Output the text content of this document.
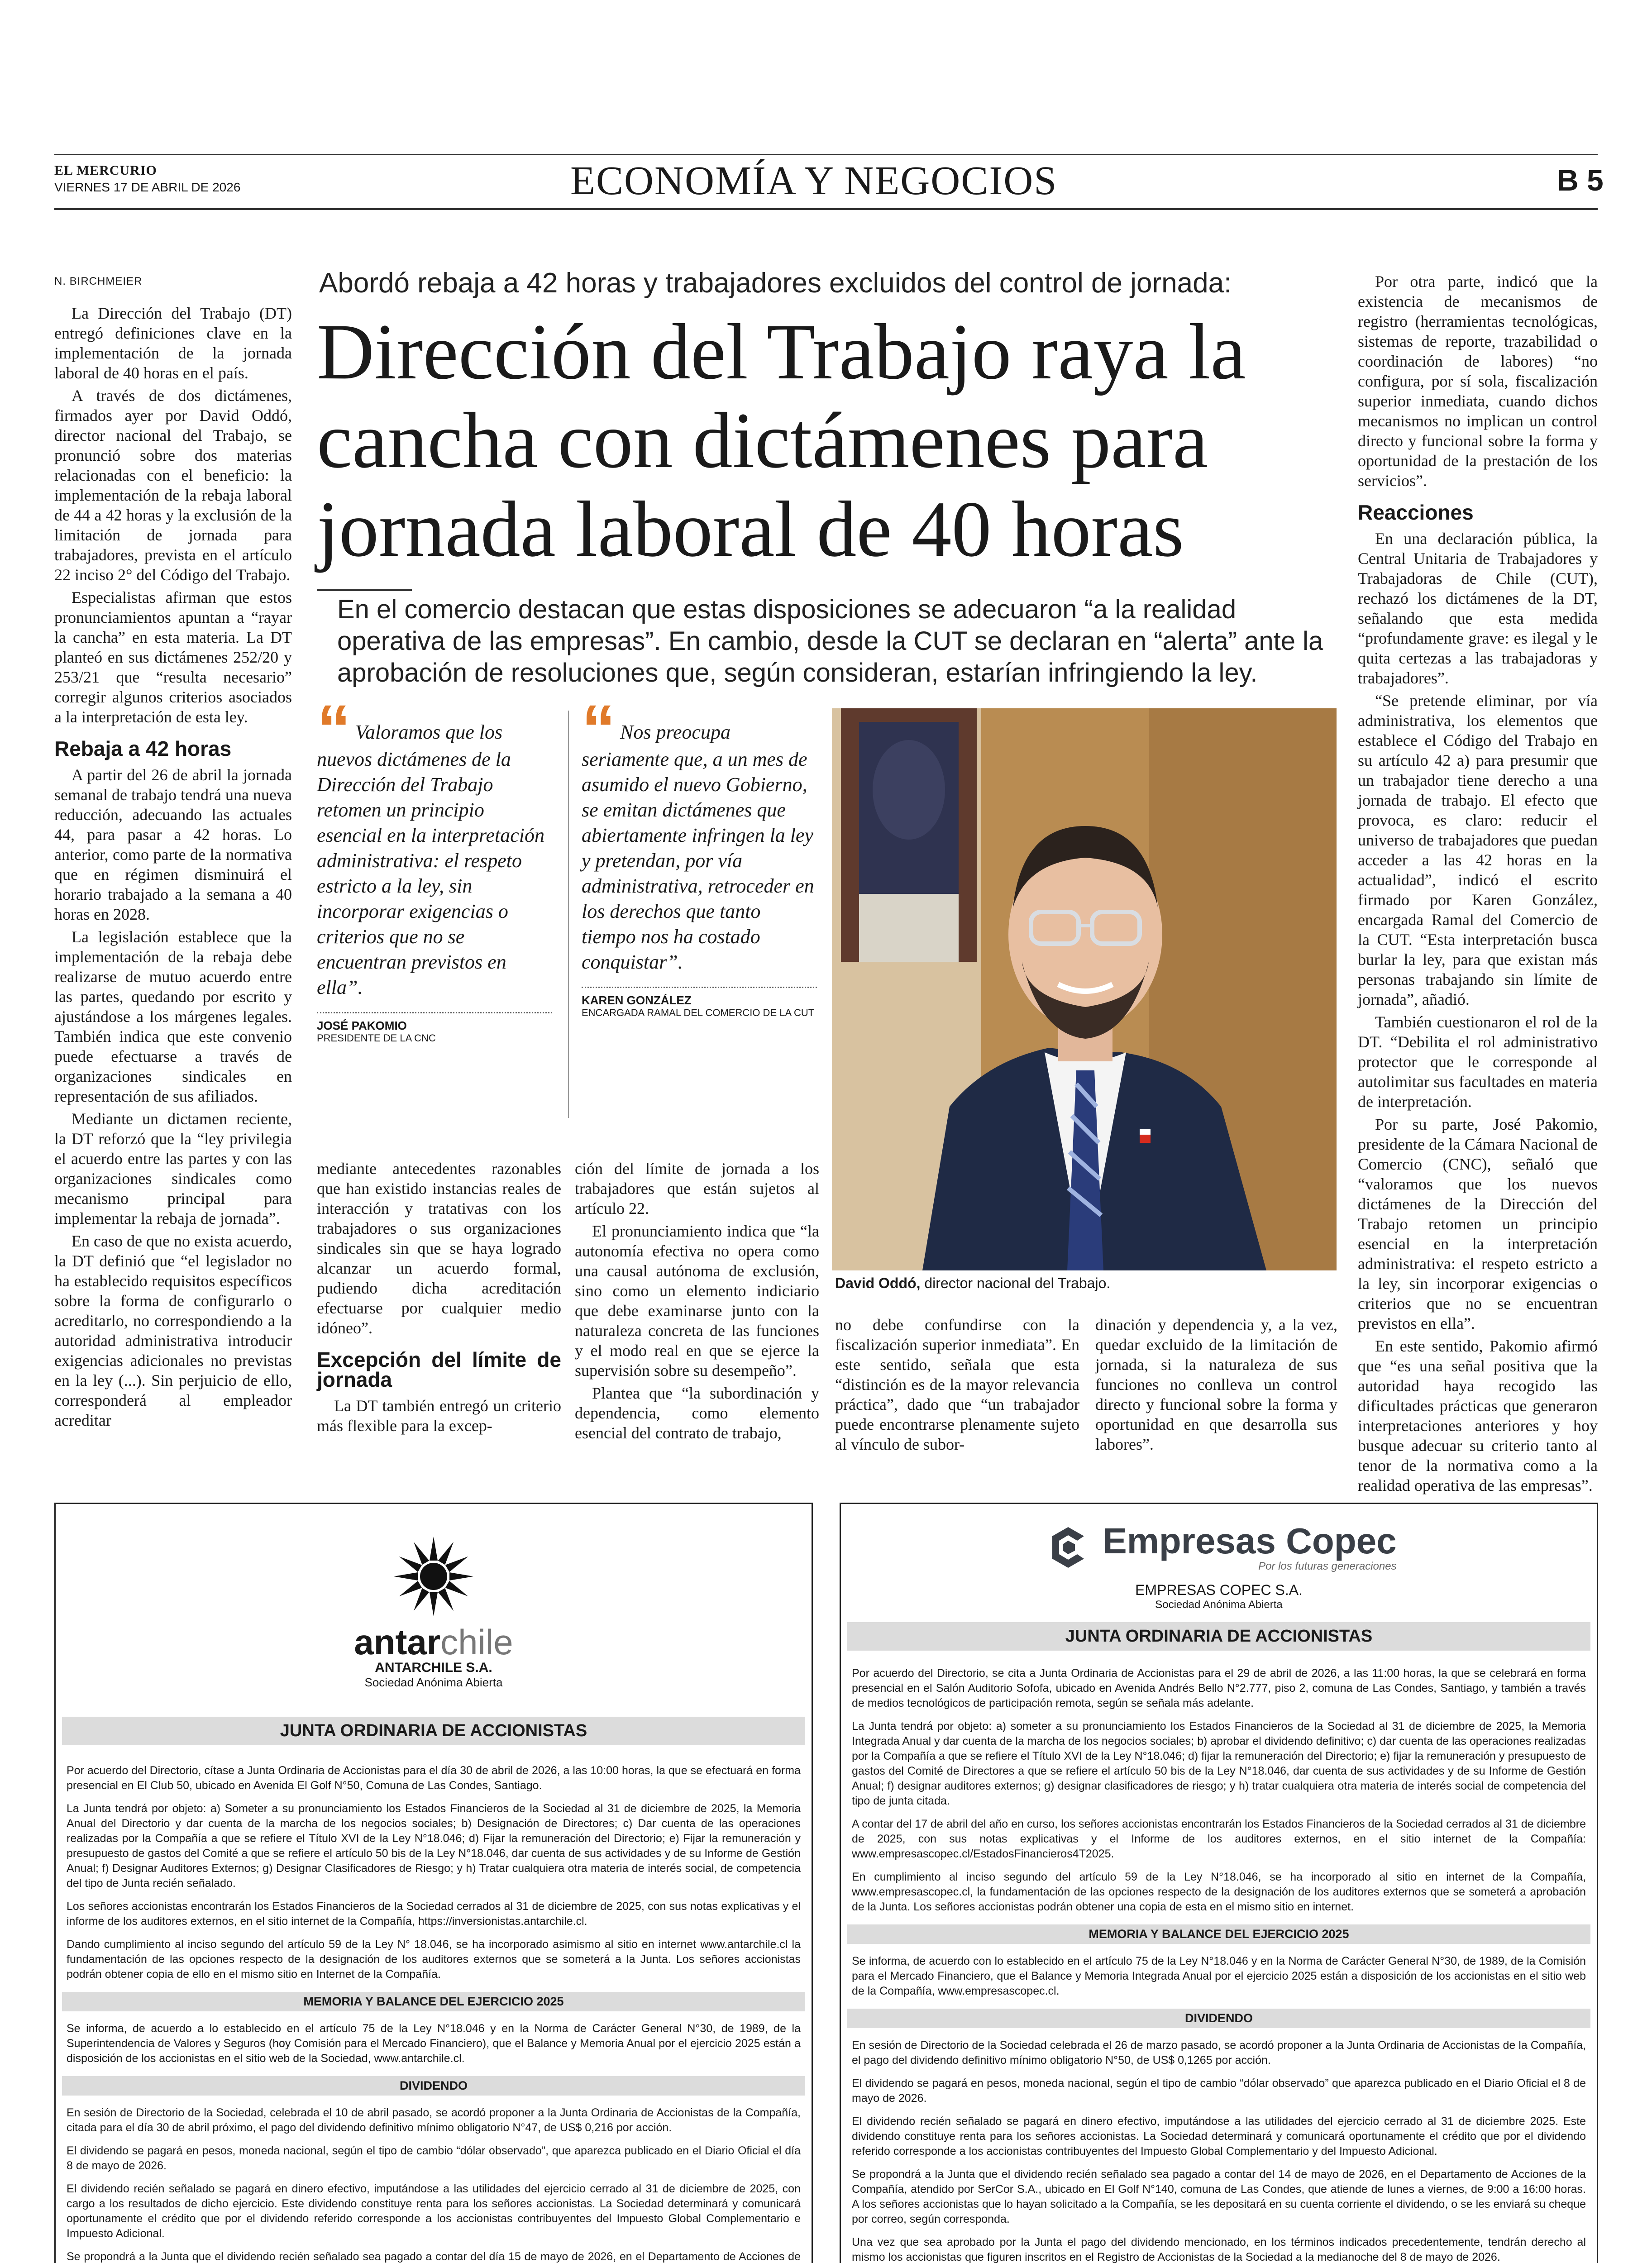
EL MERCURIO
VIERNES 17 DE ABRIL DE 2026	ECONOMÍA Y NEGOCIOS	B 5
N. BIRCHMEIER

La Dirección del Trabajo (DT) entregó definiciones clave en la implementación de la jornada laboral de 40 horas en el país.

A través de dos dictámenes, firmados ayer por David Oddó, director nacional del Trabajo, se pronunció sobre dos materias relacionadas con el beneficio: la implementación de la rebaja laboral de 44 a 42 horas y la exclusión de la limitación de jornada para trabajadores, prevista en el artículo 22 inciso 2° del Código del Trabajo.

Especialistas afirman que estos pronunciamientos apuntan a “rayar la cancha” en esta materia. La DT planteó en sus dictámenes 252/20 y 253/21 que “resulta necesario” corregir algunos criterios asociados a la interpretación de esta ley.

Rebaja a 42 horas

A partir del 26 de abril la jornada semanal de trabajo tendrá una nueva reducción, adecuando las actuales 44, para pasar a 42 horas. Lo anterior, como parte de la normativa que en régimen disminuirá el horario trabajado a la semana a 40 horas en 2028.

La legislación establece que la implementación de la rebaja debe realizarse de mutuo acuerdo entre las partes, quedando por escrito y ajustándose a los márgenes legales. También indica que este convenio puede efectuarse a través de organizaciones sindicales en representación de sus afiliados.

Mediante un dictamen reciente, la DT reforzó que la “ley privilegia el acuerdo entre las partes y con las organizaciones sindicales como mecanismo principal para implementar la rebaja de jornada”.

En caso de que no exista acuerdo, la DT definió que “el legislador no ha establecido requisitos específicos sobre la forma de configurarlo o acreditarlo, no correspondiendo a la autoridad administrativa introducir exigencias adicionales no previstas en la ley (...). Sin perjuicio de ello, corresponderá al empleador acreditar

Abordó rebaja a 42 horas y trabajadores excluidos del control de jornada:
Dirección del Trabajo raya la cancha con dictámenes para jornada laboral de 40 horas
En el comercio destacan que estas disposiciones se adecuaron “a la realidad operativa de las empresas”. En cambio, desde la CUT se declaran en “alerta” ante la aprobación de resoluciones que, según consideran, estarían infringiendo la ley.
“ Valoramos que los nuevos dictámenes de la Dirección del Trabajo retomen un principio esencial en la interpretación administrativa: el respeto estricto a la ley, sin incorporar exigencias o criterios que no se encuentran previstos en ella”.
JOSÉ PAKOMIO
PRESIDENTE DE LA CNC
“ Nos preocupa seriamente que, a un mes de asumido el nuevo Gobierno, se emitan dictámenes que abiertamente infringen la ley y pretendan, por vía administrativa, retroceder en los derechos que tanto tiempo nos ha costado conquistar”.
KAREN GONZÁLEZ
ENCARGADA RAMAL DEL COMERCIO DE LA CUT
David Oddó, director nacional del Trabajo.

mediante antecedentes razonables que han existido instancias reales de interacción y tratativas con los trabajadores o sus organizaciones sindicales sin que se haya logrado alcanzar un acuerdo formal, pudiendo dicha acreditación efectuarse por cualquier medio idóneo”.

Excepción del límite de jornada

La DT también entregó un criterio más flexible para la excep-

ción del límite de jornada a los trabajadores que están sujetos al artículo 22.

El pronunciamiento indica que “la autonomía efectiva no opera como una causal autónoma de exclusión, sino como un elemento indiciario que debe examinarse junto con la naturaleza concreta de las funciones y el modo real en que se ejerce la supervisión sobre su desempeño”.

Plantea que “la subordinación y dependencia, como elemento esencial del contrato de trabajo,

no debe confundirse con la fiscalización superior inmediata”. En este sentido, señala que esta “distinción es de la mayor relevancia práctica”, dado que “un trabajador puede encontrarse plenamente sujeto al vínculo de subor-

dinación y dependencia y, a la vez, quedar excluido de la limitación de jornada, si la naturaleza de sus funciones no conlleva un control directo y funcional sobre la forma y oportunidad en que desarrolla sus labores”.

Por otra parte, indicó que la existencia de mecanismos de registro (herramientas tecnológicas, sistemas de reporte, trazabilidad o coordinación de labores) “no configura, por sí sola, fiscalización superior inmediata, cuando dichos mecanismos no implican un control directo y funcional sobre la forma y oportunidad de la prestación de los servicios”.

Reacciones

En una declaración pública, la Central Unitaria de Trabajadores y Trabajadoras de Chile (CUT), rechazó los dictámenes de la DT, señalando que esta medida “profundamente grave: es ilegal y le quita certezas a las trabajadoras y trabajadores”.

“Se pretende eliminar, por vía administrativa, los elementos que establece el Código del Trabajo en su artículo 42 a) para presumir que un trabajador tiene derecho a una jornada de trabajo. El efecto que provoca, es claro: reducir el universo de trabajadores que puedan acceder a las 42 horas en la actualidad”, indicó el escrito firmado por Karen González, encargada Ramal del Comercio de la CUT. “Esta interpretación busca burlar la ley, para que existan más personas trabajando sin límite de jornada”, añadió.

También cuestionaron el rol de la DT. “Debilita el rol administrativo protector que le corresponde al autolimitar sus facultades en materia de interpretación.

Por su parte, José Pakomio, presidente de la Cámara Nacional de Comercio (CNC), señaló que “valoramos que los nuevos dictámenes de la Dirección del Trabajo retomen un principio esencial en la interpretación administrativa: el respeto estricto a la ley, sin incorporar exigencias o criterios que no se encuentran previstos en ella”.

En este sentido, Pakomio afirmó que “es una señal positiva que la autoridad haya recogido las dificultades prácticas que generaron interpretaciones anteriores y hoy busque adecuar su criterio tanto al tenor de la normativa como a la realidad operativa de las empresas”.

antarchile
ANTARCHILE S.A.
Sociedad Anónima Abierta
JUNTA ORDINARIA DE ACCIONISTAS

Por acuerdo del Directorio, cítase a Junta Ordinaria de Accionistas para el día 30 de abril de 2026, a las 10:00 horas, la que se efectuará en forma presencial en El Club 50, ubicado en Avenida El Golf N°50, Comuna de Las Condes, Santiago.

La Junta tendrá por objeto: a) Someter a su pronunciamiento los Estados Financieros de la Sociedad al 31 de diciembre de 2025, la Memoria Anual del Directorio y dar cuenta de la marcha de los negocios sociales; b) Designación de Directores; c) Dar cuenta de las operaciones realizadas por la Compañía a que se refiere el Título XVI de la Ley N°18.046; d) Fijar la remuneración del Directorio; e) Fijar la remuneración y presupuesto de gastos del Comité a que se refiere el artículo 50 bis de la Ley N°18.046, dar cuenta de sus actividades y de su Informe de Gestión Anual; f) Designar Auditores Externos; g) Designar Clasificadores de Riesgo; y h) Tratar cualquiera otra materia de interés social, de competencia del tipo de Junta recién señalado.

Los señores accionistas encontrarán los Estados Financieros de la Sociedad cerrados al 31 de diciembre de 2025, con sus notas explicativas y el informe de los auditores externos, en el sitio internet de la Compañía, https://inversionistas.antarchile.cl.

Dando cumplimiento al inciso segundo del artículo 59 de la Ley N° 18.046, se ha incorporado asimismo al sitio en internet www.antarchile.cl la fundamentación de las opciones respecto de la designación de los auditores externos que se someterá a la Junta. Los señores accionistas podrán obtener copia de ello en el mismo sitio en Internet de la Compañía.

MEMORIA Y BALANCE DEL EJERCICIO 2025

Se informa, de acuerdo a lo establecido en el artículo 75 de la Ley N°18.046 y en la Norma de Carácter General N°30, de 1989, de la Superintendencia de Valores y Seguros (hoy Comisión para el Mercado Financiero), que el Balance y Memoria Anual por el ejercicio 2025 están a disposición de los accionistas en el sitio web de la Sociedad, www.antarchile.cl.

DIVIDENDO

En sesión de Directorio de la Sociedad, celebrada el 10 de abril pasado, se acordó proponer a la Junta Ordinaria de Accionistas de la Compañía, citada para el día 30 de abril próximo, el pago del dividendo definitivo mínimo obligatorio N°47, de US$ 0,216 por acción.

El dividendo se pagará en pesos, moneda nacional, según el tipo de cambio “dólar observado”, que aparezca publicado en el Diario Oficial el día 8 de mayo de 2026.

El dividendo recién señalado se pagará en dinero efectivo, imputándose a las utilidades del ejercicio cerrado al 31 de diciembre de 2025, con cargo a los resultados de dicho ejercicio. Este dividendo constituye renta para los señores accionistas. La Sociedad determinará y comunicará oportunamente el crédito que por el dividendo referido corresponde a los accionistas contribuyentes del Impuesto Global Complementario e Impuesto Adicional.

Se propondrá a la Junta que el dividendo recién señalado sea pagado a contar del día 15 de mayo de 2026, en el Departamento de Acciones de

Empresas Copec
Por los futuras generaciones
EMPRESAS COPEC S.A.
Sociedad Anónima Abierta
JUNTA ORDINARIA DE ACCIONISTAS

Por acuerdo del Directorio, se cita a Junta Ordinaria de Accionistas para el 29 de abril de 2026, a las 11:00 horas, la que se celebrará en forma presencial en el Salón Auditorio Sofofa, ubicado en Avenida Andrés Bello N°2.777, piso 2, comuna de Las Condes, Santiago, y también a través de medios tecnológicos de participación remota, según se señala más adelante.

La Junta tendrá por objeto: a) someter a su pronunciamiento los Estados Financieros de la Sociedad al 31 de diciembre de 2025, la Memoria Integrada Anual y dar cuenta de la marcha de los negocios sociales; b) aprobar el dividendo definitivo; c) dar cuenta de las operaciones realizadas por la Compañía a que se refiere el Título XVI de la Ley N°18.046; d) fijar la remuneración del Directorio; e) fijar la remuneración y presupuesto de gastos del Comité de Directores a que se refiere el artículo 50 bis de la Ley N°18.046, dar cuenta de sus actividades y de su Informe de Gestión Anual; f) designar auditores externos; g) designar clasificadores de riesgo; y h) tratar cualquiera otra materia de interés social de competencia del tipo de junta citada.

A contar del 17 de abril del año en curso, los señores accionistas encontrarán los Estados Financieros de la Sociedad cerrados al 31 de diciembre de 2025, con sus notas explicativas y el Informe de los auditores externos, en el sitio internet de la Compañía: www.empresascopec.cl/EstadosFinancieros4T2025.

En cumplimiento al inciso segundo del artículo 59 de la Ley N°18.046, se ha incorporado al sitio en internet de la Compañía, www.empresascopec.cl, la fundamentación de las opciones respecto de la designación de los auditores externos que se someterá a aprobación de la Junta. Los señores accionistas podrán obtener una copia de esta en el mismo sitio en internet.

MEMORIA Y BALANCE DEL EJERCICIO 2025

Se informa, de acuerdo con lo establecido en el artículo 75 de la Ley N°18.046 y en la Norma de Carácter General N°30, de 1989, de la Comisión para el Mercado Financiero, que el Balance y Memoria Integrada Anual por el ejercicio 2025 están a disposición de los accionistas en el sitio web de la Compañía, www.empresascopec.cl.

DIVIDENDO

En sesión de Directorio de la Sociedad celebrada el 26 de marzo pasado, se acordó proponer a la Junta Ordinaria de Accionistas de la Compañía, el pago del dividendo definitivo mínimo obligatorio N°50, de US$ 0,1265 por acción.

El dividendo se pagará en pesos, moneda nacional, según el tipo de cambio “dólar observado” que aparezca publicado en el Diario Oficial el 8 de mayo de 2026.

El dividendo recién señalado se pagará en dinero efectivo, imputándose a las utilidades del ejercicio cerrado al 31 de diciembre 2025. Este dividendo constituye renta para los señores accionistas. La Sociedad determinará y comunicará oportunamente el crédito que por el dividendo referido corresponde a los accionistas contribuyentes del Impuesto Global Complementario y del Impuesto Adicional.

Se propondrá a la Junta que el dividendo recién señalado sea pagado a contar del 14 de mayo de 2026, en el Departamento de Acciones de la Compañía, atendido por SerCor S.A., ubicado en El Golf N°140, comuna de Las Condes, que atiende de lunes a viernes, de 9:00 a 16:00 horas. A los señores accionistas que lo hayan solicitado a la Compañía, se les depositará en su cuenta corriente el dividendo, o se les enviará su cheque por correo, según corresponda.

Una vez que sea aprobado por la Junta el pago del dividendo mencionado, en los términos indicados precedentemente, tendrán derecho al mismo los accionistas que figuren inscritos en el Registro de Accionistas de la Sociedad a la medianoche del 8 de mayo de 2026.
